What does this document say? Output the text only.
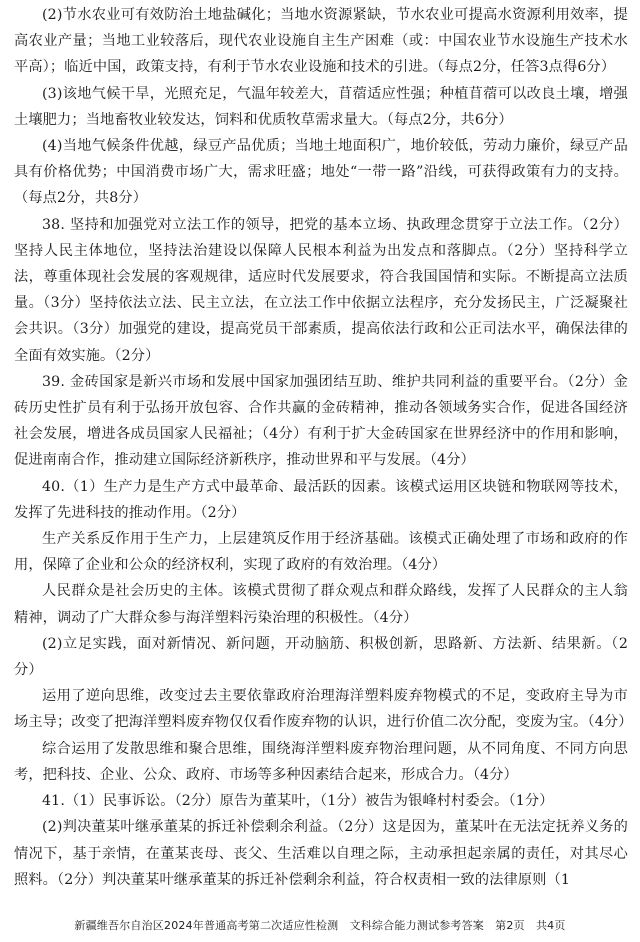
(2)节水农业可有效防治土地盐碱化；当地水资源紧缺，节水农业可提高水资源利用效率，提高农业产量；当地工业较落后，现代农业设施自主生产困难（或：中国农业节水设施生产技术水平高）；临近中国，政策支持，有利于节水农业设施和技术的引进。（每点2分，任答3点得6分）

(3)该地气候干旱，光照充足，气温年较差大，苜蓿适应性强；种植苜蓿可以改良土壤，增强土壤肥力；当地畜牧业较发达，饲料和优质牧草需求量大。（每点2分，共6分）

(4)当地气候条件优越，绿豆产品优质；当地土地面积广，地价较低，劳动力廉价，绿豆产品具有价格优势；中国消费市场广大，需求旺盛；地处“一带一路”沿线，可获得政策有力的支持。（每点2分，共8分）

38. 坚持和加强党对立法工作的领导，把党的基本立场、执政理念贯穿于立法工作。（2分）坚持人民主体地位，坚持法治建设以保障人民根本利益为出发点和落脚点。（2分）坚持科学立法，尊重体现社会发展的客观规律，适应时代发展要求，符合我国国情和实际。不断提高立法质量。（3分）坚持依法立法、民主立法，在立法工作中依据立法程序，充分发扬民主，广泛凝聚社会共识。（3分）加强党的建设，提高党员干部素质，提高依法行政和公正司法水平，确保法律的全面有效实施。（2分）

39. 金砖国家是新兴市场和发展中国家加强团结互助、维护共同利益的重要平台。（2分）金砖历史性扩员有利于弘扬开放包容、合作共赢的金砖精神，推动各领域务实合作，促进各国经济社会发展，增进各成员国家人民福祉；（4分）有利于扩大金砖国家在世界经济中的作用和影响，促进南南合作，推动建立国际经济新秩序，推动世界和平与发展。（4分）

40.（1）生产力是生产方式中最革命、最活跃的因素。该模式运用区块链和物联网等技术，发挥了先进科技的推动作用。（2分）

生产关系反作用于生产力，上层建筑反作用于经济基础。该模式正确处理了市场和政府的作用，保障了企业和公众的经济权利，实现了政府的有效治理。（4分）

人民群众是社会历史的主体。该模式贯彻了群众观点和群众路线，发挥了人民群众的主人翁精神，调动了广大群众参与海洋塑料污染治理的积极性。（4分）

(2)立足实践，面对新情况、新问题，开动脑筋、积极创新，思路新、方法新、结果新。（2分）

运用了逆向思维，改变过去主要依靠政府治理海洋塑料废弃物模式的不足，变政府主导为市场主导；改变了把海洋塑料废弃物仅仅看作废弃物的认识，进行价值二次分配，变废为宝。（4分）

综合运用了发散思维和聚合思维，围绕海洋塑料废弃物治理问题，从不同角度、不同方向思考，把科技、企业、公众、政府、市场等多种因素结合起来，形成合力。（4分）

41.（1）民事诉讼。（2分）原告为董某叶，（1分）被告为银峰村村委会。（1分）

(2)判决董某叶继承董某的拆迁补偿剩余利益。（2分）这是因为，董某叶在无法定抚养义务的情况下，基于亲情，在董某丧母、丧父、生活难以自理之际，主动承担起亲属的责任，对其尽心照料。（2分）判决董某叶继承董某的拆迁补偿剩余利益，符合权责相一致的法律原则（1

新疆维吾尔自治区2024年普通高考第二次适应性检测　文科综合能力测试参考答案　第2页　共4页
